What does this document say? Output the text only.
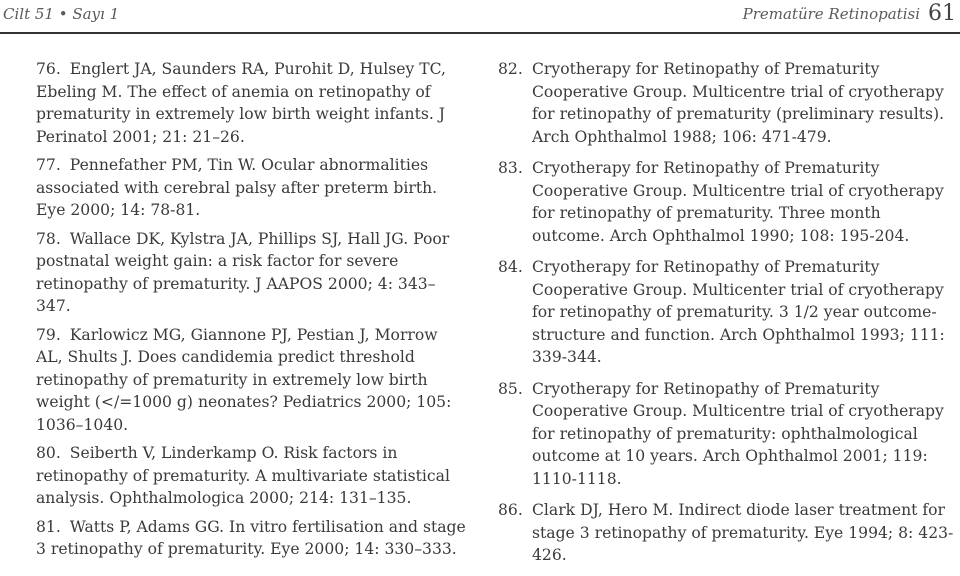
Cilt 51 • Sayı 1	Prematüre Retinopatisi 61
76. Englert JA, Saunders RA, Purohit D, Hulsey TC, Ebeling M. The effect of anemia on retinopathy of prematurity in extremely low birth weight infants. J Perinatol 2001; 21: 21–26.
77. Pennefather PM, Tin W. Ocular abnormalities associated with cerebral palsy after preterm birth. Eye 2000; 14: 78-81.
78. Wallace DK, Kylstra JA, Phillips SJ, Hall JG. Poor postnatal weight gain: a risk factor for severe retinopathy of prematurity. J AAPOS 2000; 4: 343–347.
79. Karlowicz MG, Giannone PJ, Pestian J, Morrow AL, Shults J. Does candidemia predict threshold retinopathy of prematurity in extremely low birth weight (</=1000 g) neonates? Pediatrics 2000; 105: 1036–1040.
80. Seiberth V, Linderkamp O. Risk factors in retinopathy of prematurity. A multivariate statistical analysis. Ophthalmologica 2000; 214: 131–135.
81. Watts P, Adams GG. In vitro fertilisation and stage 3 retinopathy of prematurity. Eye 2000; 14: 330–333.
82. Cryotherapy for Retinopathy of Prematurity Cooperative Group. Multicentre trial of cryotherapy for retinopathy of prematurity (preliminary results). Arch Ophthalmol 1988; 106: 471-479.
83. Cryotherapy for Retinopathy of Prematurity Cooperative Group. Multicentre trial of cryotherapy for retinopathy of prematurity. Three month outcome. Arch Ophthalmol 1990; 108: 195-204.
84. Cryotherapy for Retinopathy of Prematurity Cooperative Group. Multicenter trial of cryotherapy for retinopathy of prematurity. 3 1/2 year outcome-structure and function. Arch Ophthalmol 1993; 111: 339-344.
85. Cryotherapy for Retinopathy of Prematurity Cooperative Group. Multicentre trial of cryotherapy for retinopathy of prematurity: ophthalmological outcome at 10 years. Arch Ophthalmol 2001; 119: 1110-1118.
86. Clark DJ, Hero M. Indirect diode laser treatment for stage 3 retinopathy of prematurity. Eye 1994; 8: 423-426.
